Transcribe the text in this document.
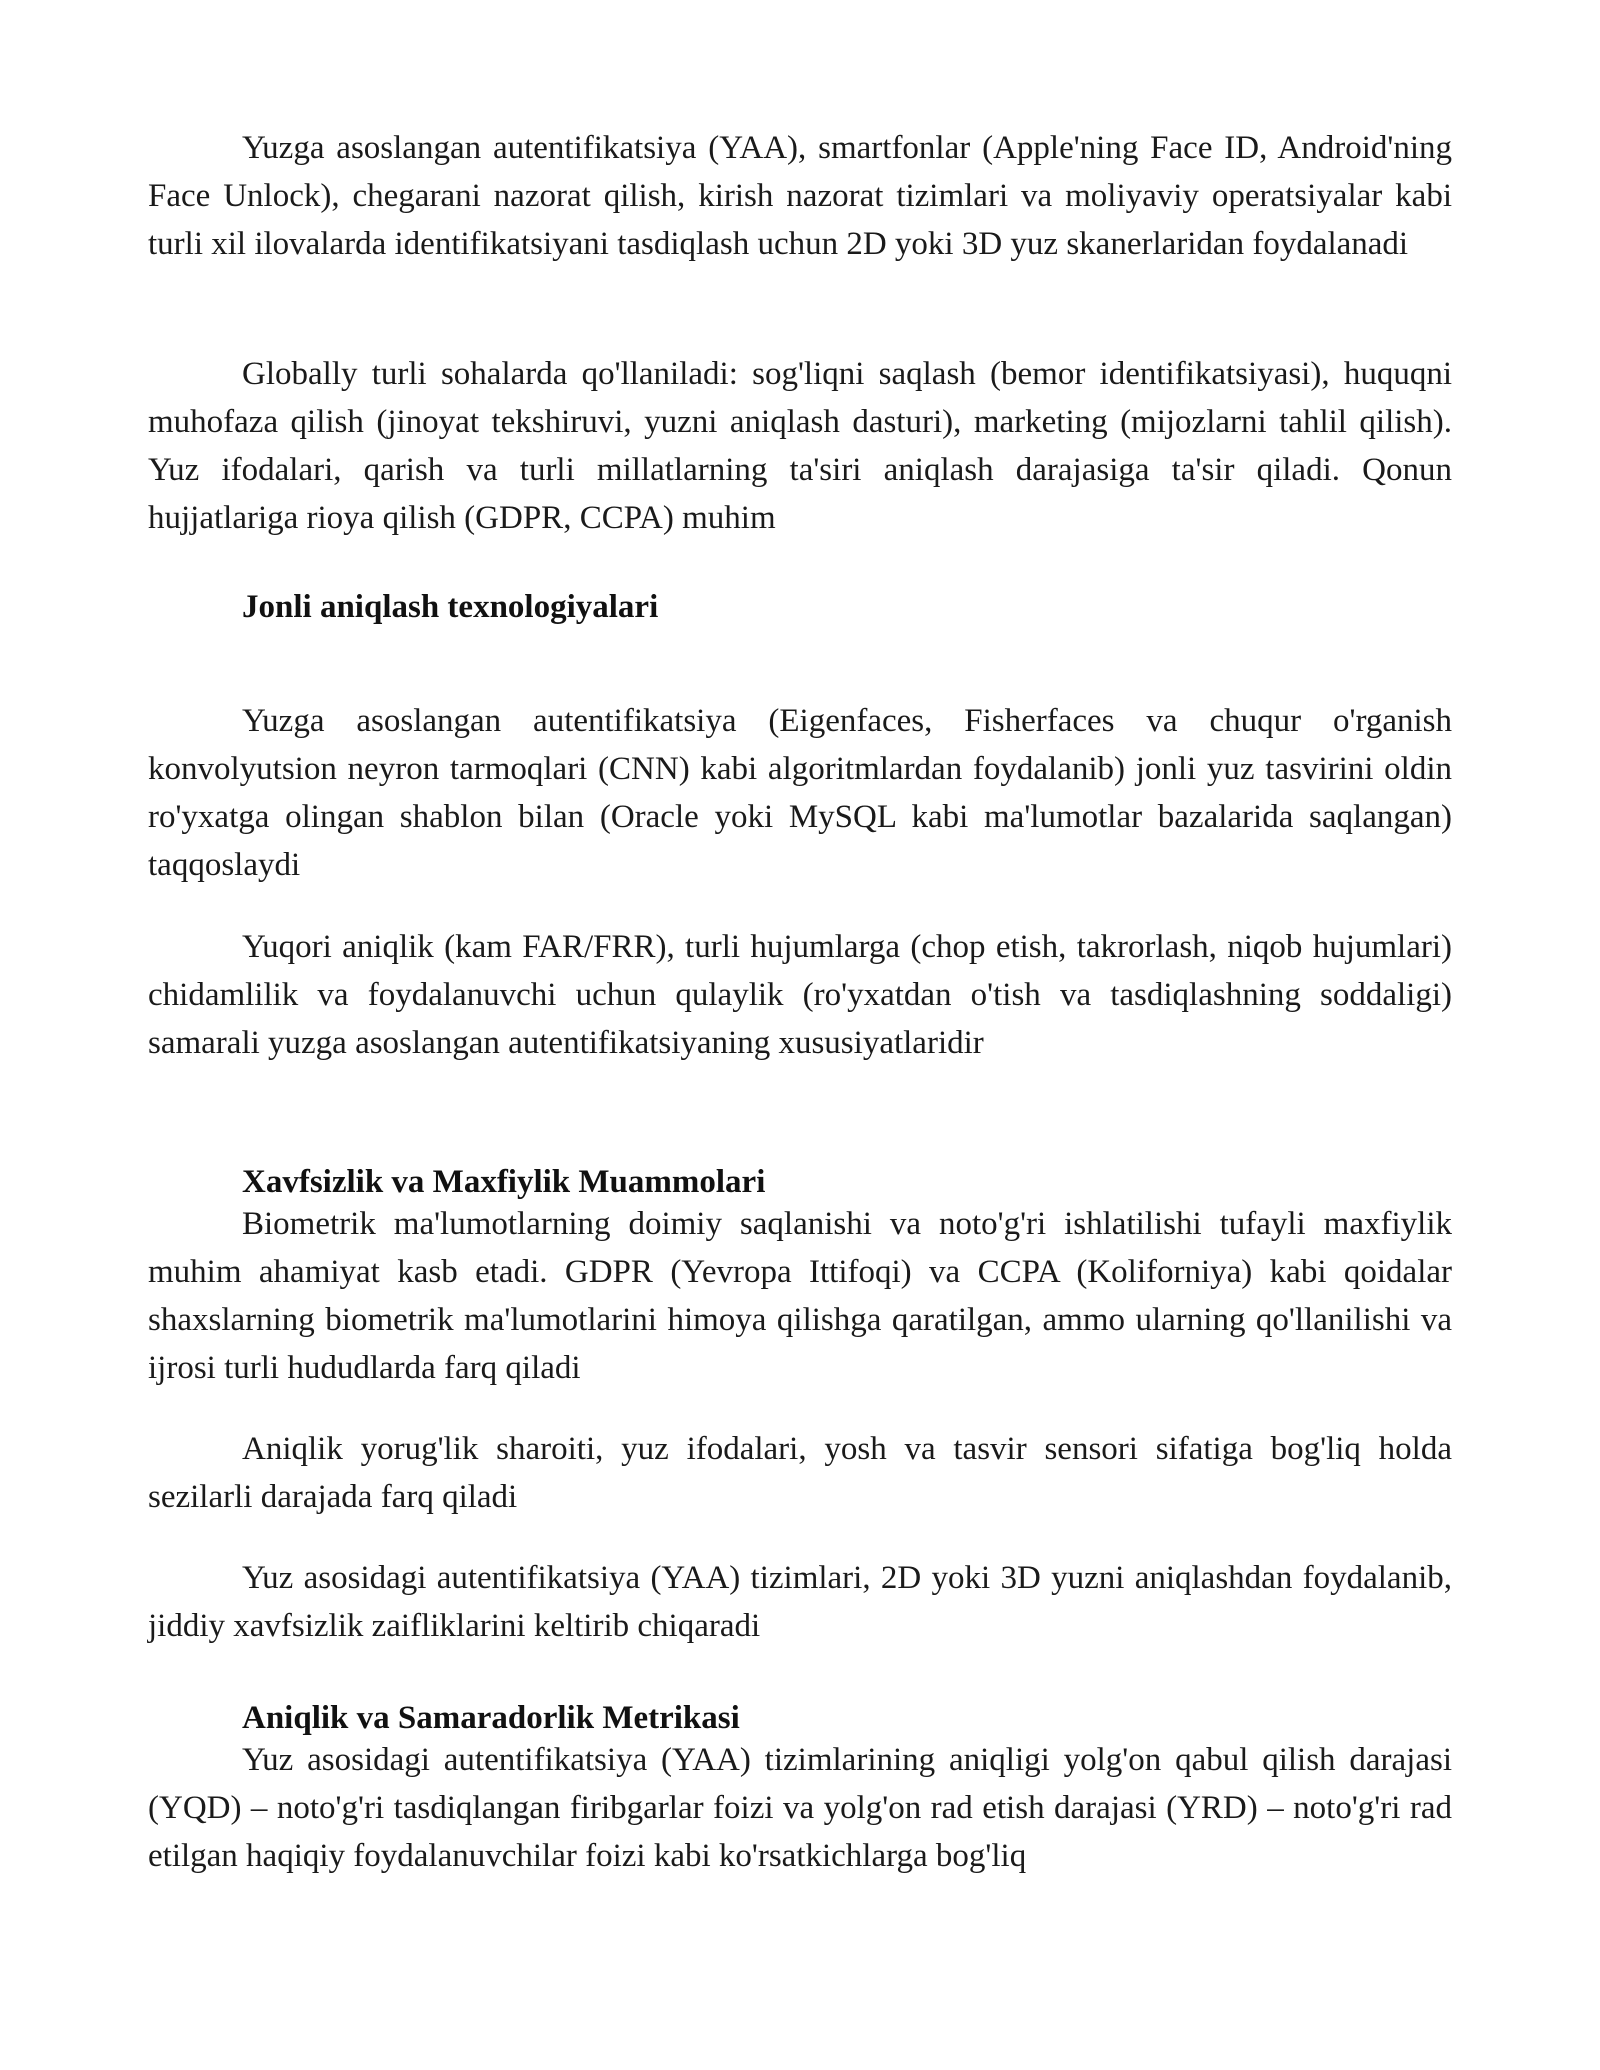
Yuzga asoslangan autentifikatsiya (YAA), smartfonlar (Apple'ning Face ID, Android'ning Face Unlock), chegarani nazorat qilish, kirish nazorat tizimlari va moliyaviy operatsiyalar kabi turli xil ilovalarda identifikatsiyani tasdiqlash uchun 2D yoki 3D yuz skanerlaridan foydalanadi

Globally turli sohalarda qo'llaniladi: sog'liqni saqlash (bemor identifikatsiyasi), huquqni muhofaza qilish (jinoyat tekshiruvi, yuzni aniqlash dasturi), marketing (mijozlarni tahlil qilish). Yuz ifodalari, qarish va turli millatlarning ta'siri aniqlash darajasiga ta'sir qiladi. Qonun hujjatlariga rioya qilish (GDPR, CCPA) muhim

Jonli aniqlash texnologiyalari

Yuzga asoslangan autentifikatsiya (Eigenfaces, Fisherfaces va chuqur o'rganish konvolyutsion neyron tarmoqlari (CNN) kabi algoritmlardan foydalanib) jonli yuz tasvirini oldin ro'yxatga olingan shablon bilan (Oracle yoki MySQL kabi ma'lumotlar bazalarida saqlangan) taqqoslaydi

Yuqori aniqlik (kam FAR/FRR), turli hujumlarga (chop etish, takrorlash, niqob hujumlari) chidamlilik va foydalanuvchi uchun qulaylik (ro'yxatdan o'tish va tasdiqlashning soddaligi) samarali yuzga asoslangan autentifikatsiyaning xususiyatlaridir

Xavfsizlik va Maxfiylik Muammolari

Biometrik ma'lumotlarning doimiy saqlanishi va noto'g'ri ishlatilishi tufayli maxfiylik muhim ahamiyat kasb etadi. GDPR (Yevropa Ittifoqi) va CCPA (Koliforniya) kabi qoidalar shaxslarning biometrik ma'lumotlarini himoya qilishga qaratilgan, ammo ularning qo'llanilishi va ijrosi turli hududlarda farq qiladi

Aniqlik yorug'lik sharoiti, yuz ifodalari, yosh va tasvir sensori sifatiga bog'liq holda sezilarli darajada farq qiladi

Yuz asosidagi autentifikatsiya (YAA) tizimlari, 2D yoki 3D yuzni aniqlashdan foydalanib, jiddiy xavfsizlik zaifliklarini keltirib chiqaradi

Aniqlik va Samaradorlik Metrikasi

Yuz asosidagi autentifikatsiya (YAA) tizimlarining aniqligi yolg'on qabul qilish darajasi (YQD) – noto'g'ri tasdiqlangan firibgarlar foizi va yolg'on rad etish darajasi (YRD) – noto'g'ri rad etilgan haqiqiy foydalanuvchilar foizi kabi ko'rsatkichlarga bog'liq
